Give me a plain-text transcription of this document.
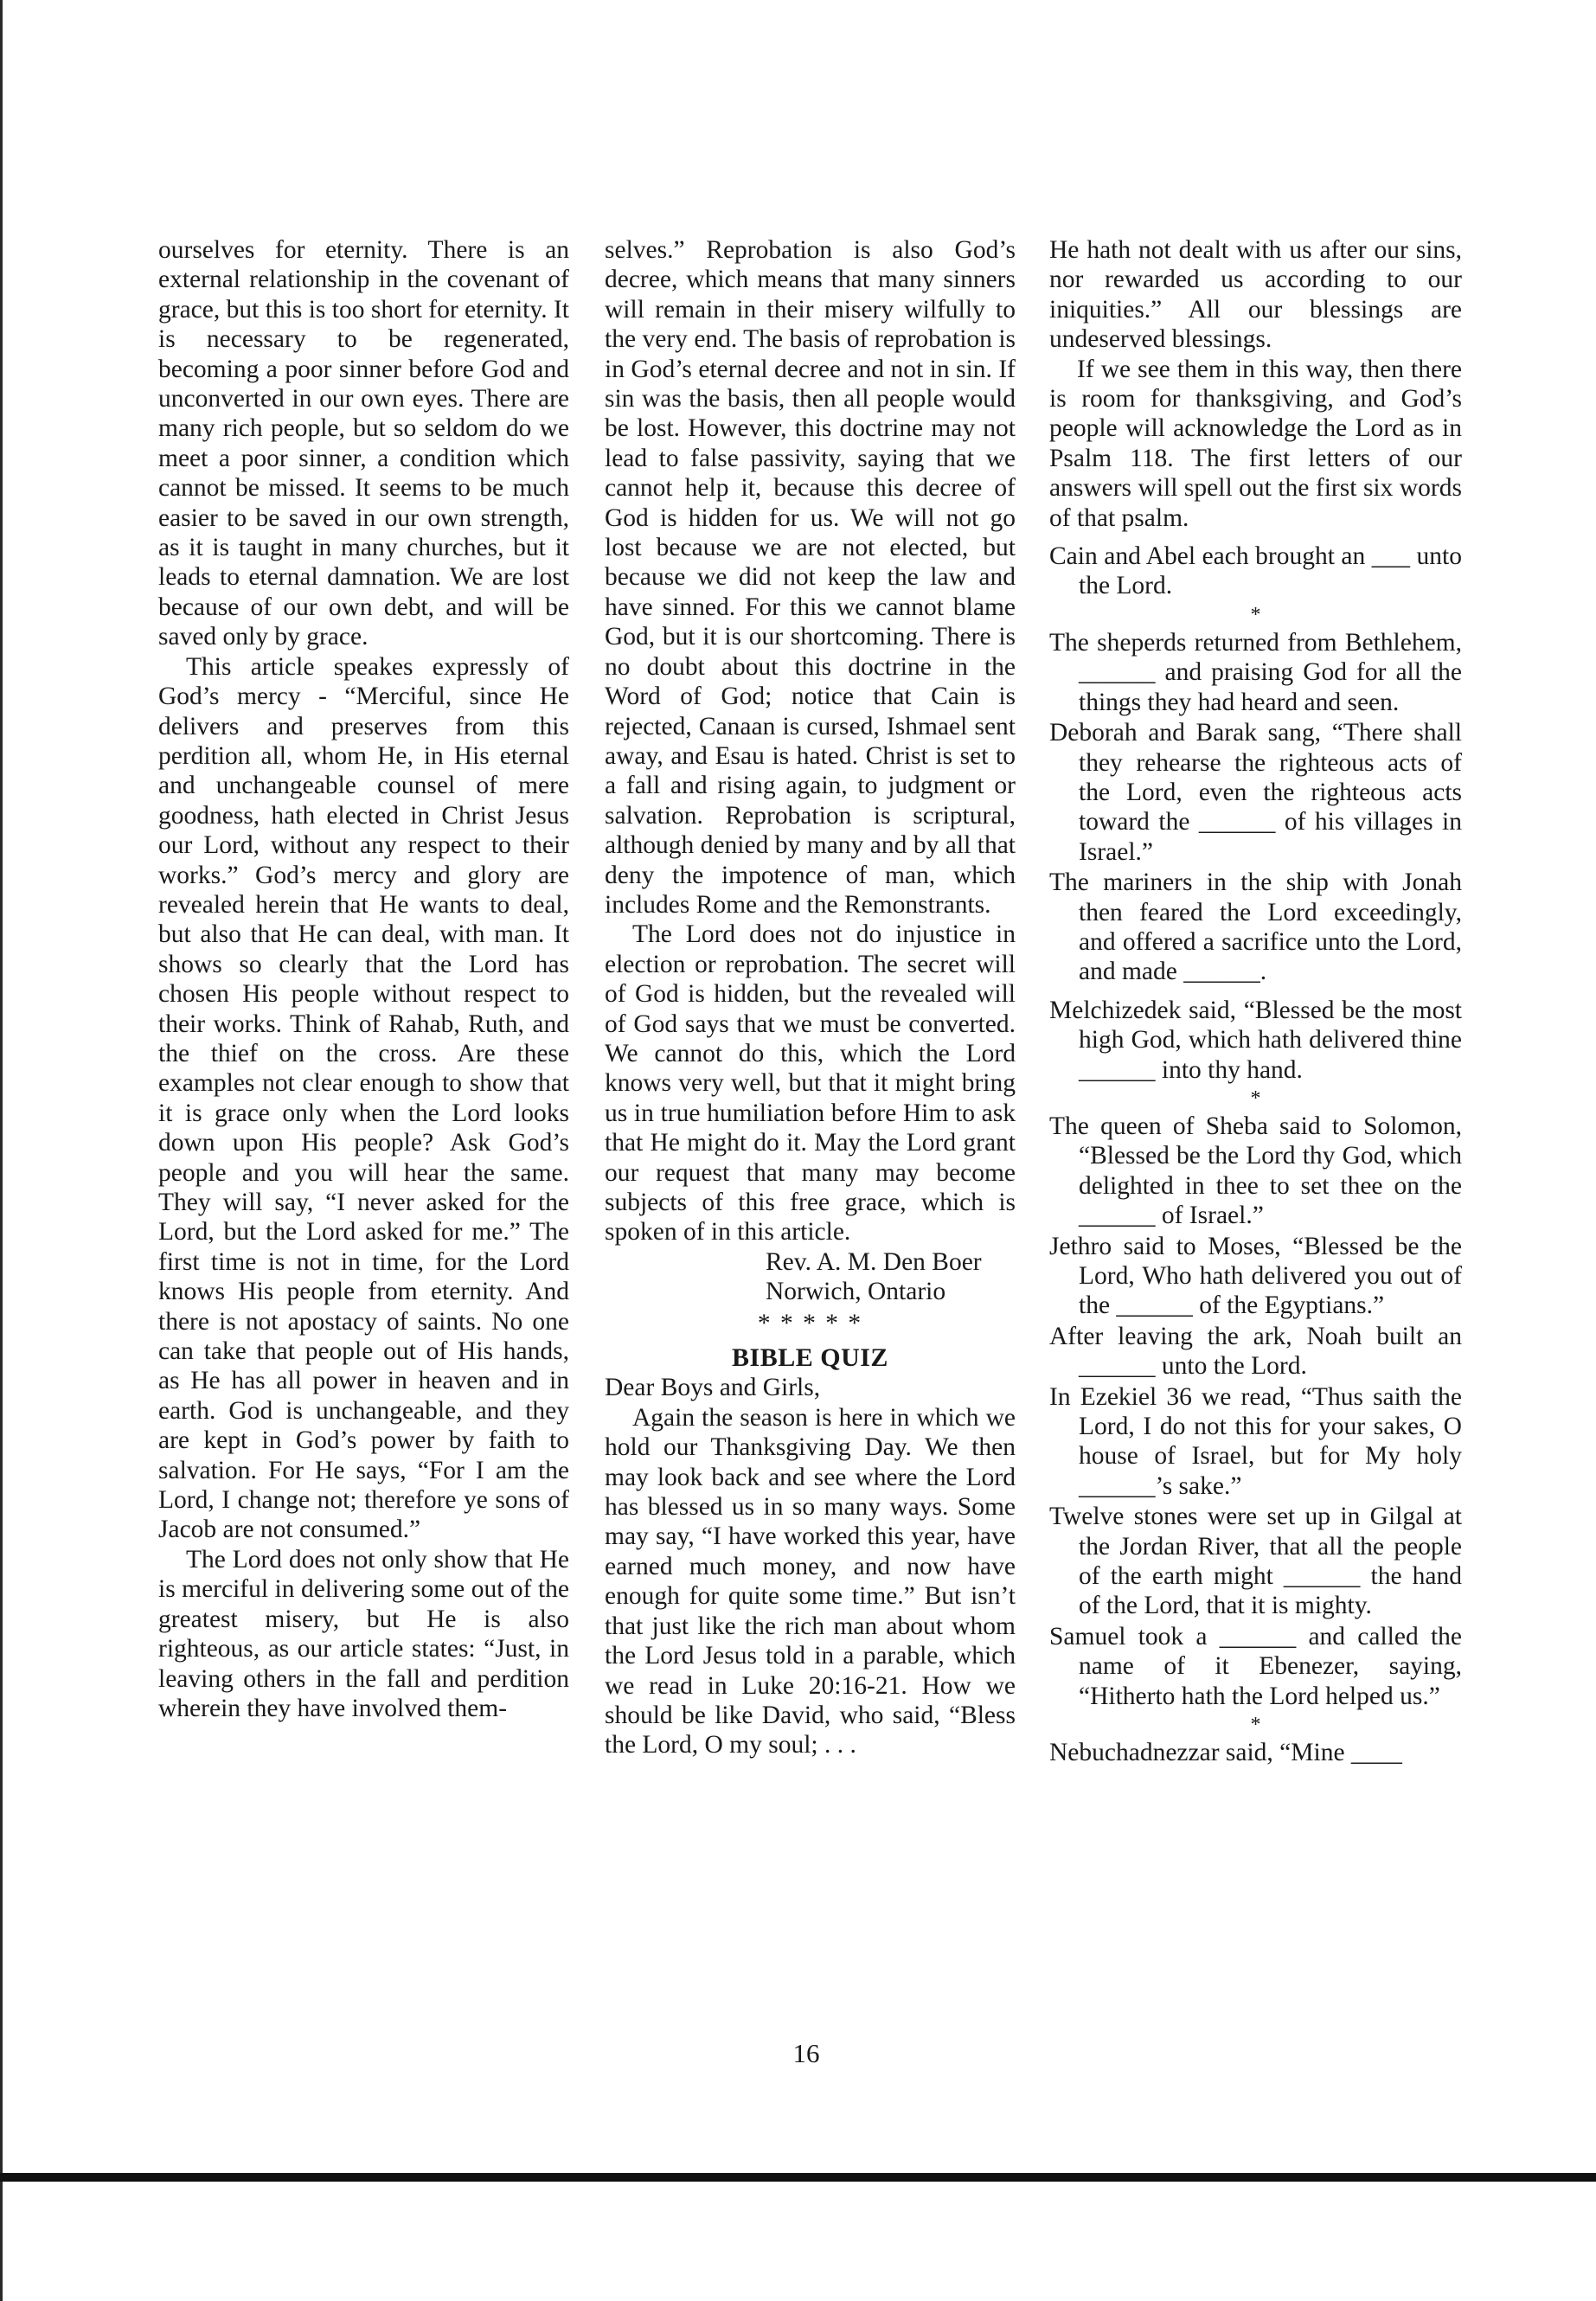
ourselves for eternity. There is an external relationship in the covenant of grace, but this is too short for eternity. It is necessary to be regenerated, becoming a poor sinner before God and unconverted in our own eyes. There are many rich people, but so seldom do we meet a poor sinner, a condition which cannot be missed. It seems to be much easier to be saved in our own strength, as it is taught in many churches, but it leads to eternal damnation. We are lost because of our own debt, and will be saved only by grace.

This article speakes expressly of God’s mercy - “Merciful, since He delivers and preserves from this perdition all, whom He, in His eternal and unchangeable counsel of mere goodness, hath elected in Christ Jesus our Lord, without any respect to their works.” God’s mercy and glory are revealed herein that He wants to deal, but also that He can deal, with man. It shows so clearly that the Lord has chosen His people without respect to their works. Think of Rahab, Ruth, and the thief on the cross. Are these examples not clear enough to show that it is grace only when the Lord looks down upon His people? Ask God’s people and you will hear the same. They will say, “I never asked for the Lord, but the Lord asked for me.” The first time is not in time, for the Lord knows His people from eternity. And there is not apostacy of saints. No one can take that people out of His hands, as He has all power in heaven and in earth. God is unchangeable, and they are kept in God’s power by faith to salvation. For He says, “For I am the Lord, I change not; therefore ye sons of Jacob are not consumed.”

The Lord does not only show that He is merciful in delivering some out of the greatest misery, but He is also righteous, as our article states: “Just, in leaving others in the fall and perdition wherein they have involved them-

selves.” Reprobation is also God’s decree, which means that many sinners will remain in their misery wilfully to the very end. The basis of reprobation is in God’s eternal decree and not in sin. If sin was the basis, then all people would be lost. However, this doctrine may not lead to false passivity, saying that we cannot help it, because this decree of God is hidden for us. We will not go lost because we are not elected, but because we did not keep the law and have sinned. For this we cannot blame God, but it is our shortcoming. There is no doubt about this doctrine in the Word of God; notice that Cain is rejected, Canaan is cursed, Ishmael sent away, and Esau is hated. Christ is set to a fall and rising again, to judgment or salvation. Reprobation is scriptural, although denied by many and by all that deny the impotence of man, which includes Rome and the Remonstrants.

The Lord does not do injustice in election or reprobation. The secret will of God is hidden, but the revealed will of God says that we must be converted. We cannot do this, which the Lord knows very well, but that it might bring us in true humiliation before Him to ask that He might do it. May the Lord grant our request that many may become subjects of this free grace, which is spoken of in this article.

Rev. A. M. Den Boer

Norwich, Ontario

* * * * *

BIBLE QUIZ

Dear Boys and Girls,

Again the season is here in which we hold our Thanksgiving Day. We then may look back and see where the Lord has blessed us in so many ways. Some may say, “I have worked this year, have earned much money, and now have enough for quite some time.” But isn’t that just like the rich man about whom the Lord Jesus told in a parable, which we read in Luke 20:16-21. How we should be like David, who said, “Bless the Lord, O my soul; . . .

He hath not dealt with us after our sins, nor rewarded us according to our iniquities.” All our blessings are undeserved blessings.

If we see them in this way, then there is room for thanksgiving, and God’s people will acknowledge the Lord as in Psalm 118. The first letters of our answers will spell out the first six words of that psalm.

Cain and Abel each brought an ___ unto the Lord.

*

The sheperds returned from Bethlehem, ______ and praising God for all the things they had heard and seen.

Deborah and Barak sang, “There shall they rehearse the righteous acts of the Lord, even the righteous acts toward the ______ of his villages in Israel.”

The mariners in the ship with Jonah then feared the Lord exceedingly, and offered a sacrifice unto the Lord, and made ______.

Melchizedek said, “Blessed be the most high God, which hath delivered thine ______ into thy hand.

*

The queen of Sheba said to Solomon, “Blessed be the Lord thy God, which delighted in thee to set thee on the ______ of Israel.”

Jethro said to Moses, “Blessed be the Lord, Who hath delivered you out of the ______ of the Egyptians.”

After leaving the ark, Noah built an ______ unto the Lord.

In Ezekiel 36 we read, “Thus saith the Lord, I do not this for your sakes, O house of Israel, but for My holy ______’s sake.”

Twelve stones were set up in Gilgal at the Jordan River, that all the people of the earth might ______ the hand of the Lord, that it is mighty.

Samuel took a ______ and called the name of it Ebenezer, saying, “Hitherto hath the Lord helped us.”

*

Nebuchadnezzar said, “Mine ____

16
